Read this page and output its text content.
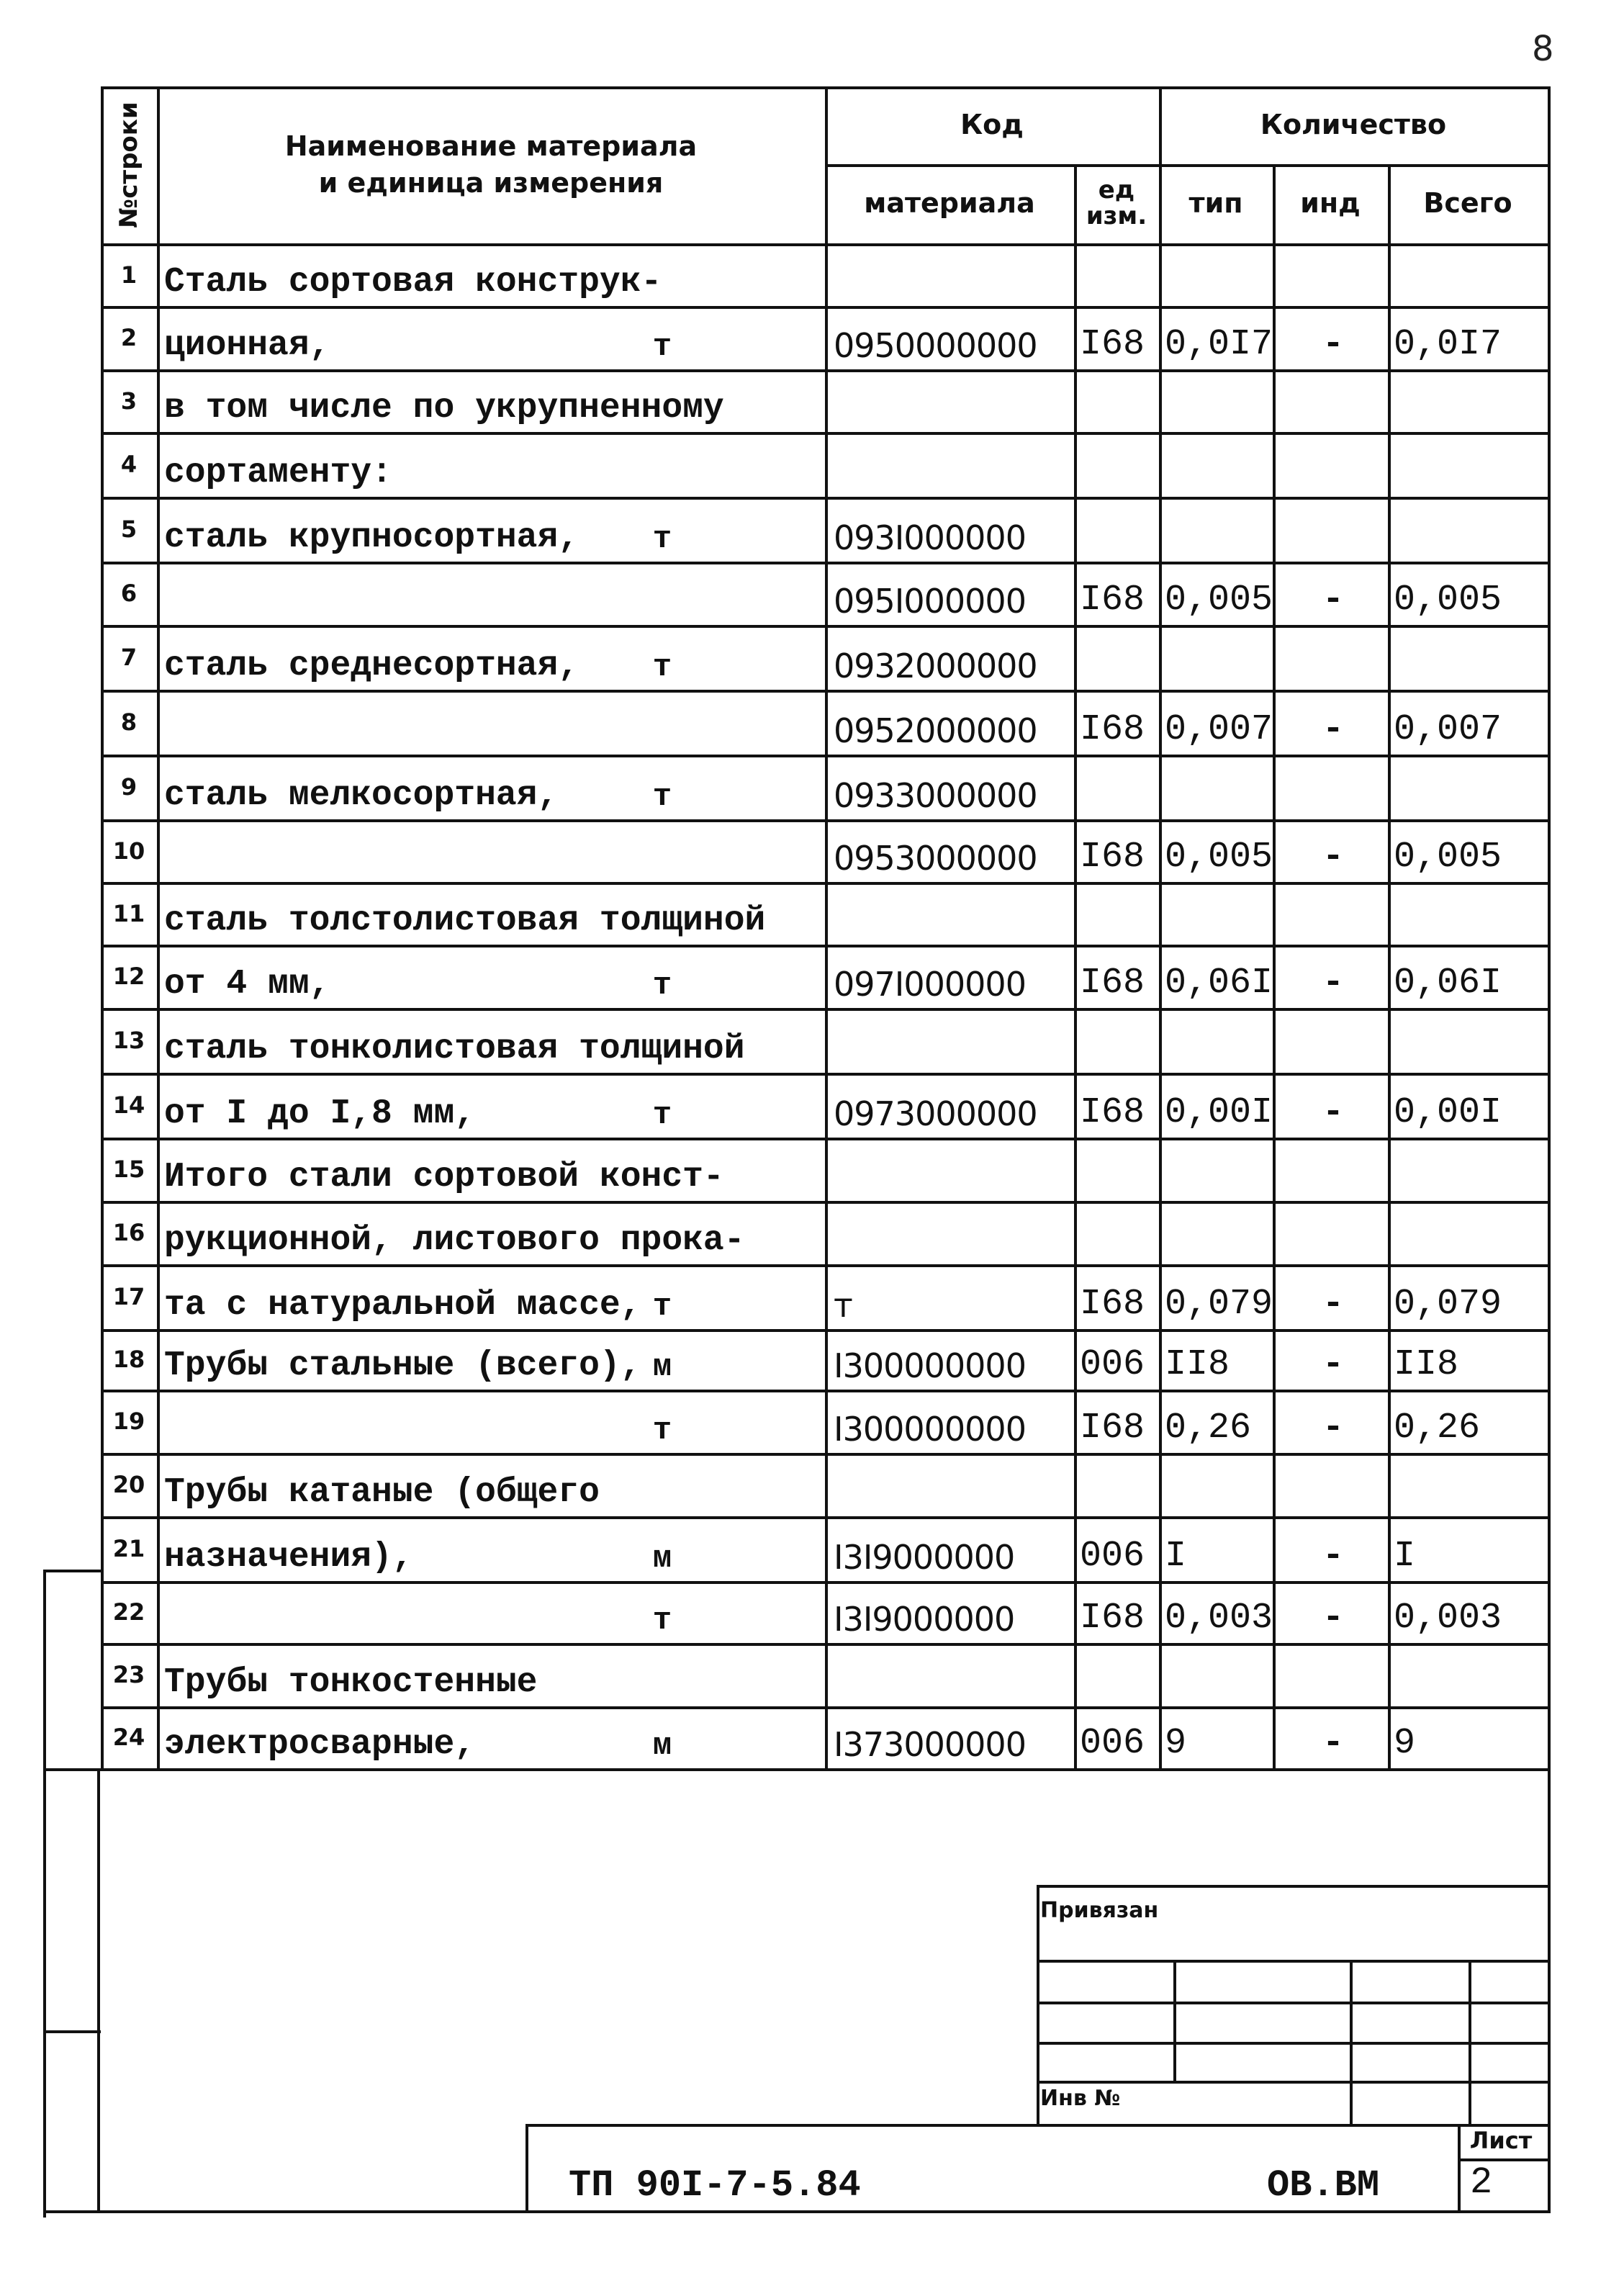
8
№строки	Наименование материала
и единица измерения
Код
материала	ед изм.
Количество
тип	инд	Всего
Привязан
Инв №
ТП 90I-7-5.84	ОВ.ВМ
Лист
2
1 Сталь сортовая конструк-
2 ционная,	т	0950000000	I68 0,0I7	-	0,0I7
3 в том числе по укрупненному
4 сортаменту:
5 сталь крупносортная,	т	093I000000
6	095I000000	I68 0,005	-	0,005
7 сталь среднесортная,	т	0932000000
8	0952000000	I68 0,007	-	0,007
9 сталь мелкосортная,	т	0933000000
10	0953000000	I68 0,005	-	0,005
11 сталь толстолистовая толщиной
12 от 4 мм,	т	097I000000	I68 0,06I	-	0,06I
13 сталь тонколистовая толщиной
14 от I до I,8 мм,	т	0973000000	I68 0,00I	-	0,00I
15 Итого стали сортовой конст-
16 рукционной, листового прока-
17 та с натуральной массе, т	т	I68 0,079	-	0,079
18 Трубы стальные (всего), м	I300000000	006 II8	-	II8
19	т	I300000000	I68 0,26	-	0,26
20 Трубы катаные (общего
21 назначения),	м	I3I9000000	006 I	-	I
22	т	I3I9000000	I68 0,003	-	0,003
23 Трубы тонкостенные
24 электросварные,	м	I373000000	006 9	-	9
